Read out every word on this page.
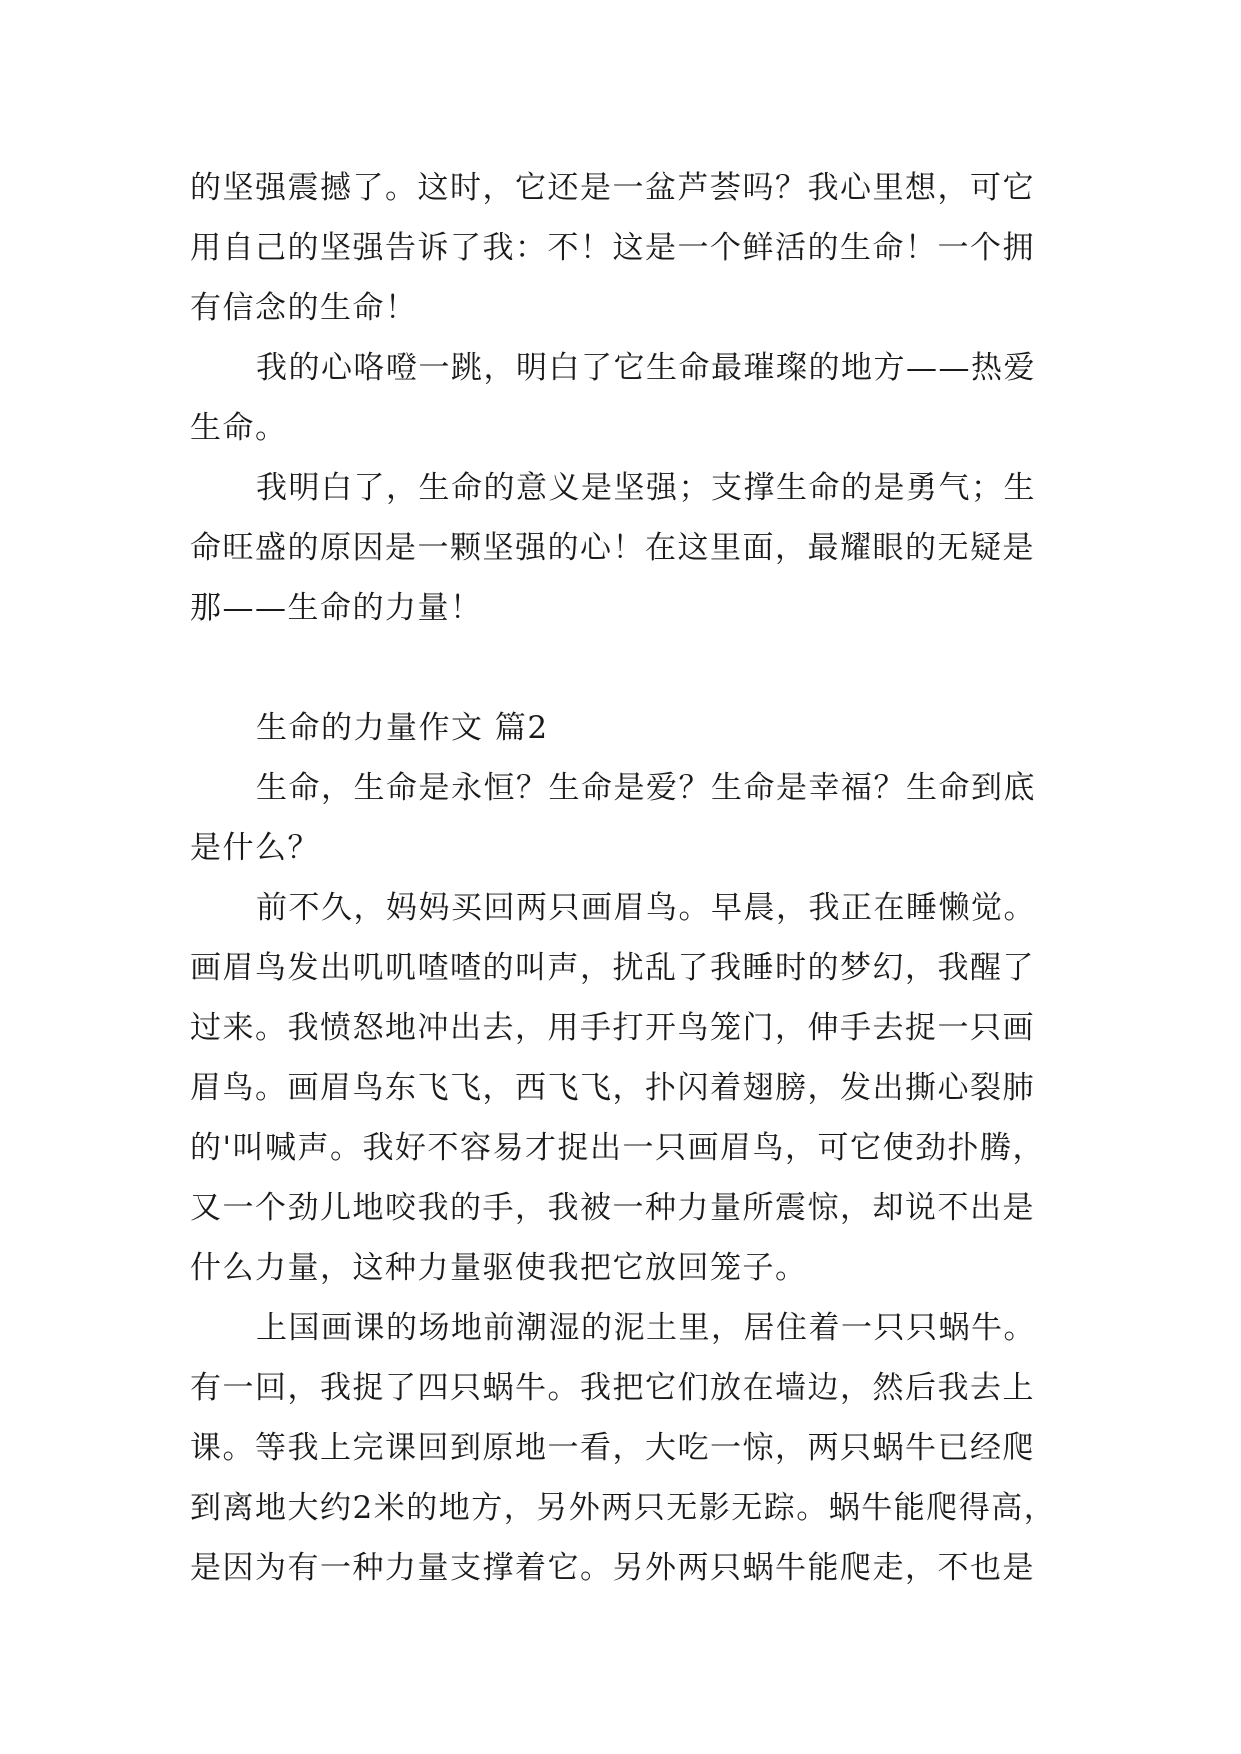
的坚强震撼了。这时，它还是一盆芦荟吗？我心里想，可它
用自己的坚强告诉了我：不！这是一个鲜活的生命！一个拥
有信念的生命！
我的心咯噔一跳，明白了它生命最璀璨的地方——热爱
生命。
我明白了，生命的意义是坚强；支撑生命的是勇气；生
命旺盛的原因是一颗坚强的心！在这里面，最耀眼的无疑是
那——生命的力量！
生命的力量作文 篇2
生命，生命是永恒？生命是爱？生命是幸福？生命到底
是什么？
前不久，妈妈买回两只画眉鸟。早晨，我正在睡懒觉。
画眉鸟发出叽叽喳喳的叫声，扰乱了我睡时的梦幻，我醒了
过来。我愤怒地冲出去，用手打开鸟笼门，伸手去捉一只画
眉鸟。画眉鸟东飞飞，西飞飞，扑闪着翅膀，发出撕心裂肺
的'叫喊声。我好不容易才捉出一只画眉鸟，可它使劲扑腾，
又一个劲儿地咬我的手，我被一种力量所震惊，却说不出是
什么力量，这种力量驱使我把它放回笼子。
上国画课的场地前潮湿的泥土里，居住着一只只蜗牛。
有一回，我捉了四只蜗牛。我把它们放在墙边，然后我去上
课。等我上完课回到原地一看，大吃一惊，两只蜗牛已经爬
到离地大约2米的地方，另外两只无影无踪。蜗牛能爬得高，
是因为有一种力量支撑着它。另外两只蜗牛能爬走，不也是
